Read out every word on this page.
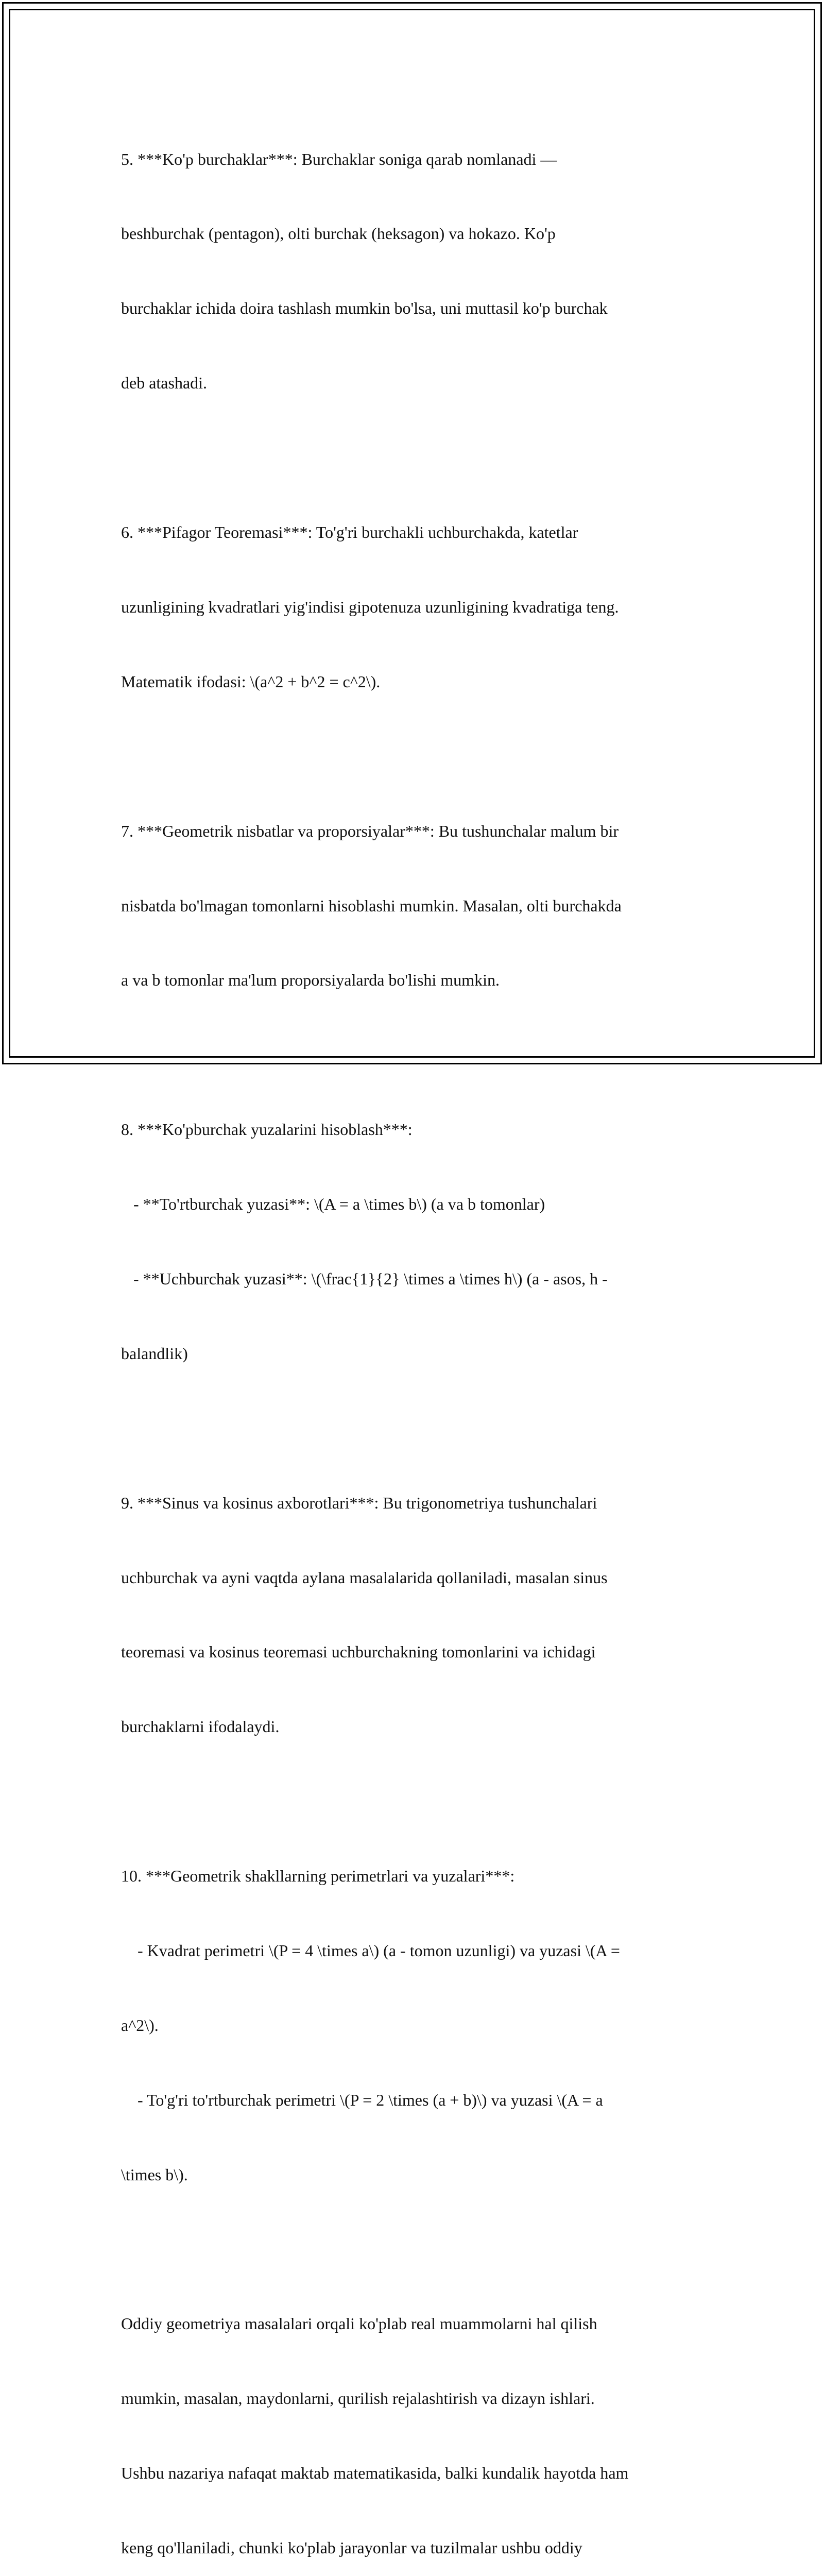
5. ***Ko'p burchaklar***: Burchaklar soniga qarab nomlanadi —

beshburchak (pentagon), olti burchak (heksagon) va hokazo. Ko'p

burchaklar ichida doira tashlash mumkin bo'lsa, uni muttasil ko'p burchak

deb atashadi.

6. ***Pifagor Teoremasi***: To'g'ri burchakli uchburchakda, katetlar

uzunligining kvadratlari yig'indisi gipotenuza uzunligining kvadratiga teng.

Matematik ifodasi: \(a^2 + b^2 = c^2\).

7. ***Geometrik nisbatlar va proporsiyalar***: Bu tushunchalar malum bir

nisbatda bo'lmagan tomonlarni hisoblashi mumkin. Masalan, olti burchakda

a va b tomonlar ma'lum proporsiyalarda bo'lishi mumkin.

8. ***Ko'pburchak yuzalarini hisoblash***:

- **To'rtburchak yuzasi**: \(A = a \times b\) (a va b tomonlar)

- **Uchburchak yuzasi**: \(\frac{1}{2} \times a \times h\) (a - asos, h -

balandlik)

9. ***Sinus va kosinus axborotlari***: Bu trigonometriya tushunchalari

uchburchak va ayni vaqtda aylana masalalarida qollaniladi, masalan sinus

teoremasi va kosinus teoremasi uchburchakning tomonlarini va ichidagi

burchaklarni ifodalaydi.

10. ***Geometrik shakllarning perimetrlari va yuzalari***:

- Kvadrat perimetri \(P = 4 \times a\) (a - tomon uzunligi) va yuzasi \(A =

a^2\).

- To'g'ri to'rtburchak perimetri \(P = 2 \times (a + b)\) va yuzasi \(A = a

\times b\).

Oddiy geometriya masalalari orqali ko'plab real muammolarni hal qilish

mumkin, masalan, maydonlarni, qurilish rejalashtirish va dizayn ishlari.

Ushbu nazariya nafaqat maktab matematikasida, balki kundalik hayotda ham

keng qo'llaniladi, chunki ko'plab jarayonlar va tuzilmalar ushbu oddiy
